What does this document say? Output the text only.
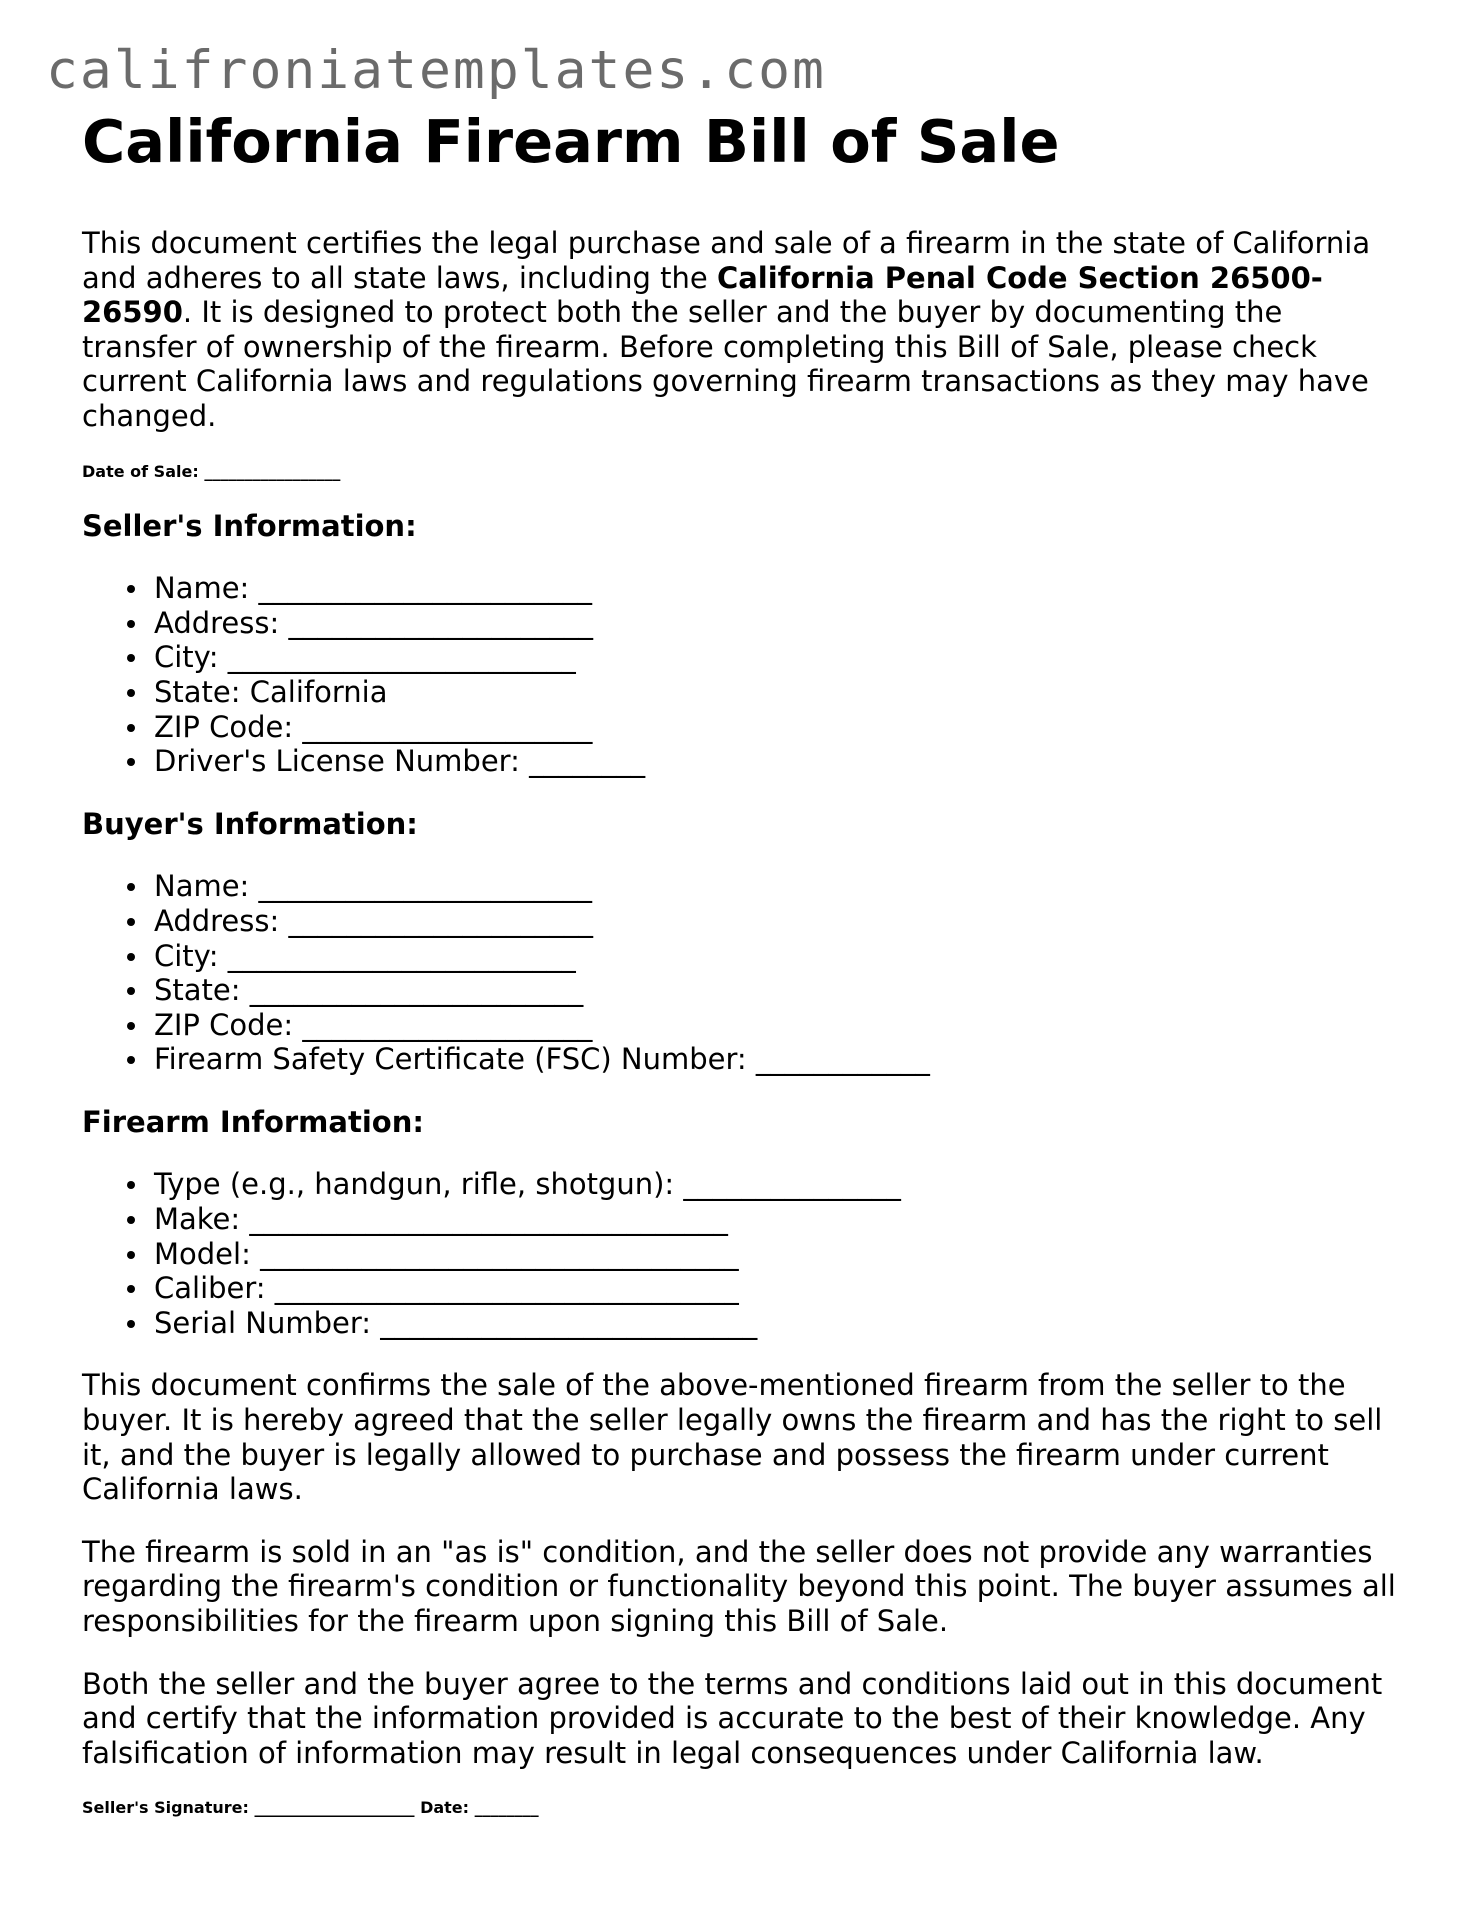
califroniatemplates.com
California Firearm Bill of Sale

This document certifies the legal purchase and sale of a firearm in the state of California and adheres to all state laws, including the California Penal Code Section 26500-26590. It is designed to protect both the seller and the buyer by documenting the transfer of ownership of the firearm. Before completing this Bill of Sale, please check current California laws and regulations governing firearm transactions as they may have changed.

Date of Sale: _________________
Seller's Information:
Name: _______________________
Address: _____________________
City: ________________________
State: California
ZIP Code: ____________________
Driver's License Number: ________
Buyer's Information:
Name: _______________________
Address: _____________________
City: ________________________
State: _______________________
ZIP Code: ____________________
Firearm Safety Certificate (FSC) Number: ____________
Firearm Information:
Type (e.g., handgun, rifle, shotgun): _______________
Make: _________________________________
Model: _________________________________
Caliber: ________________________________
Serial Number: __________________________

This document confirms the sale of the above-mentioned firearm from the seller to the buyer. It is hereby agreed that the seller legally owns the firearm and has the right to sell it, and the buyer is legally allowed to purchase and possess the firearm under current California laws.

The firearm is sold in an "as is" condition, and the seller does not provide any warranties regarding the firearm's condition or functionality beyond this point. The buyer assumes all responsibilities for the firearm upon signing this Bill of Sale.

Both the seller and the buyer agree to the terms and conditions laid out in this document and certify that the information provided is accurate to the best of their knowledge. Any falsification of information may result in legal consequences under California law.

Seller's Signature: ____________________ Date: ________
